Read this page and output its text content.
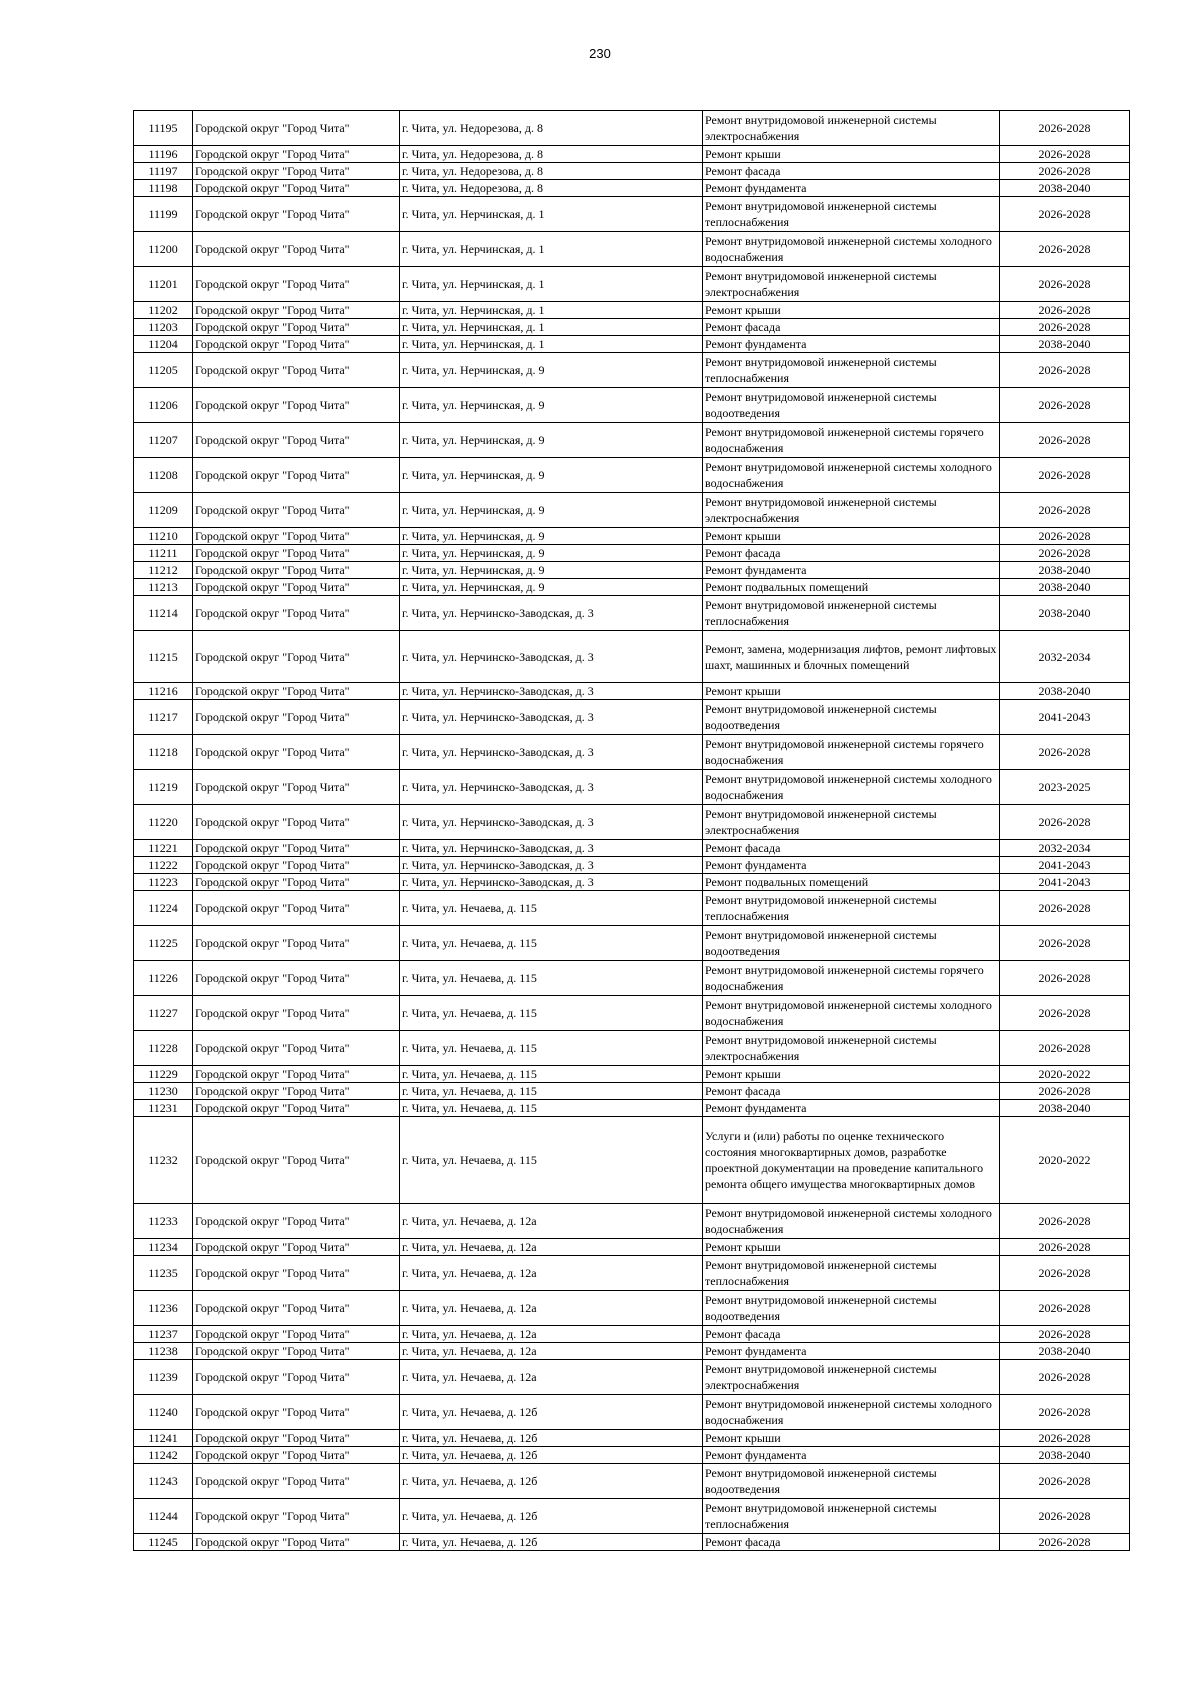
230
11195	Городской округ "Город Чита"	г. Чита, ул. Недорезова, д. 8	Ремонт внутридомовой инженерной системы электроснабжения	2026-2028
11196	Городской округ "Город Чита"	г. Чита, ул. Недорезова, д. 8	Ремонт крыши	2026-2028
11197	Городской округ "Город Чита"	г. Чита, ул. Недорезова, д. 8	Ремонт фасада	2026-2028
11198	Городской округ "Город Чита"	г. Чита, ул. Недорезова, д. 8	Ремонт фундамента	2038-2040
11199	Городской округ "Город Чита"	г. Чита, ул. Нерчинская, д. 1	Ремонт внутридомовой инженерной системы теплоснабжения	2026-2028
11200	Городской округ "Город Чита"	г. Чита, ул. Нерчинская, д. 1	Ремонт внутридомовой инженерной системы холодного водоснабжения	2026-2028
11201	Городской округ "Город Чита"	г. Чита, ул. Нерчинская, д. 1	Ремонт внутридомовой инженерной системы электроснабжения	2026-2028
11202	Городской округ "Город Чита"	г. Чита, ул. Нерчинская, д. 1	Ремонт крыши	2026-2028
11203	Городской округ "Город Чита"	г. Чита, ул. Нерчинская, д. 1	Ремонт фасада	2026-2028
11204	Городской округ "Город Чита"	г. Чита, ул. Нерчинская, д. 1	Ремонт фундамента	2038-2040
11205	Городской округ "Город Чита"	г. Чита, ул. Нерчинская, д. 9	Ремонт внутридомовой инженерной системы теплоснабжения	2026-2028
11206	Городской округ "Город Чита"	г. Чита, ул. Нерчинская, д. 9	Ремонт внутридомовой инженерной системы водоотведения	2026-2028
11207	Городской округ "Город Чита"	г. Чита, ул. Нерчинская, д. 9	Ремонт внутридомовой инженерной системы горячего водоснабжения	2026-2028
11208	Городской округ "Город Чита"	г. Чита, ул. Нерчинская, д. 9	Ремонт внутридомовой инженерной системы холодного водоснабжения	2026-2028
11209	Городской округ "Город Чита"	г. Чита, ул. Нерчинская, д. 9	Ремонт внутридомовой инженерной системы электроснабжения	2026-2028
11210	Городской округ "Город Чита"	г. Чита, ул. Нерчинская, д. 9	Ремонт крыши	2026-2028
11211	Городской округ "Город Чита"	г. Чита, ул. Нерчинская, д. 9	Ремонт фасада	2026-2028
11212	Городской округ "Город Чита"	г. Чита, ул. Нерчинская, д. 9	Ремонт фундамента	2038-2040
11213	Городской округ "Город Чита"	г. Чита, ул. Нерчинская, д. 9	Ремонт подвальных помещений	2038-2040
11214	Городской округ "Город Чита"	г. Чита, ул. Нерчинско-Заводская, д. 3	Ремонт внутридомовой инженерной системы теплоснабжения	2038-2040
11215	Городской округ "Город Чита"	г. Чита, ул. Нерчинско-Заводская, д. 3	Ремонт, замена, модернизация лифтов, ремонт лифтовых шахт, машинных и блочных помещений	2032-2034
11216	Городской округ "Город Чита"	г. Чита, ул. Нерчинско-Заводская, д. 3	Ремонт крыши	2038-2040
11217	Городской округ "Город Чита"	г. Чита, ул. Нерчинско-Заводская, д. 3	Ремонт внутридомовой инженерной системы водоотведения	2041-2043
11218	Городской округ "Город Чита"	г. Чита, ул. Нерчинско-Заводская, д. 3	Ремонт внутридомовой инженерной системы горячего водоснабжения	2026-2028
11219	Городской округ "Город Чита"	г. Чита, ул. Нерчинско-Заводская, д. 3	Ремонт внутридомовой инженерной системы холодного водоснабжения	2023-2025
11220	Городской округ "Город Чита"	г. Чита, ул. Нерчинско-Заводская, д. 3	Ремонт внутридомовой инженерной системы электроснабжения	2026-2028
11221	Городской округ "Город Чита"	г. Чита, ул. Нерчинско-Заводская, д. 3	Ремонт фасада	2032-2034
11222	Городской округ "Город Чита"	г. Чита, ул. Нерчинско-Заводская, д. 3	Ремонт фундамента	2041-2043
11223	Городской округ "Город Чита"	г. Чита, ул. Нерчинско-Заводская, д. 3	Ремонт подвальных помещений	2041-2043
11224	Городской округ "Город Чита"	г. Чита, ул. Нечаева, д. 115	Ремонт внутридомовой инженерной системы теплоснабжения	2026-2028
11225	Городской округ "Город Чита"	г. Чита, ул. Нечаева, д. 115	Ремонт внутридомовой инженерной системы водоотведения	2026-2028
11226	Городской округ "Город Чита"	г. Чита, ул. Нечаева, д. 115	Ремонт внутридомовой инженерной системы горячего водоснабжения	2026-2028
11227	Городской округ "Город Чита"	г. Чита, ул. Нечаева, д. 115	Ремонт внутридомовой инженерной системы холодного водоснабжения	2026-2028
11228	Городской округ "Город Чита"	г. Чита, ул. Нечаева, д. 115	Ремонт внутридомовой инженерной системы электроснабжения	2026-2028
11229	Городской округ "Город Чита"	г. Чита, ул. Нечаева, д. 115	Ремонт крыши	2020-2022
11230	Городской округ "Город Чита"	г. Чита, ул. Нечаева, д. 115	Ремонт фасада	2026-2028
11231	Городской округ "Город Чита"	г. Чита, ул. Нечаева, д. 115	Ремонт фундамента	2038-2040
11232	Городской округ "Город Чита"	г. Чита, ул. Нечаева, д. 115	Услуги и (или) работы по оценке технического состояния многоквартирных домов, разработке проектной документации на проведение капитального ремонта общего имущества многоквартирных домов	2020-2022
11233	Городской округ "Город Чита"	г. Чита, ул. Нечаева, д. 12а	Ремонт внутридомовой инженерной системы холодного водоснабжения	2026-2028
11234	Городской округ "Город Чита"	г. Чита, ул. Нечаева, д. 12а	Ремонт крыши	2026-2028
11235	Городской округ "Город Чита"	г. Чита, ул. Нечаева, д. 12а	Ремонт внутридомовой инженерной системы теплоснабжения	2026-2028
11236	Городской округ "Город Чита"	г. Чита, ул. Нечаева, д. 12а	Ремонт внутридомовой инженерной системы водоотведения	2026-2028
11237	Городской округ "Город Чита"	г. Чита, ул. Нечаева, д. 12а	Ремонт фасада	2026-2028
11238	Городской округ "Город Чита"	г. Чита, ул. Нечаева, д. 12а	Ремонт фундамента	2038-2040
11239	Городской округ "Город Чита"	г. Чита, ул. Нечаева, д. 12а	Ремонт внутридомовой инженерной системы электроснабжения	2026-2028
11240	Городской округ "Город Чита"	г. Чита, ул. Нечаева, д. 12б	Ремонт внутридомовой инженерной системы холодного водоснабжения	2026-2028
11241	Городской округ "Город Чита"	г. Чита, ул. Нечаева, д. 12б	Ремонт крыши	2026-2028
11242	Городской округ "Город Чита"	г. Чита, ул. Нечаева, д. 12б	Ремонт фундамента	2038-2040
11243	Городской округ "Город Чита"	г. Чита, ул. Нечаева, д. 12б	Ремонт внутридомовой инженерной системы водоотведения	2026-2028
11244	Городской округ "Город Чита"	г. Чита, ул. Нечаева, д. 12б	Ремонт внутридомовой инженерной системы теплоснабжения	2026-2028
11245	Городской округ "Город Чита"	г. Чита, ул. Нечаева, д. 12б	Ремонт фасада	2026-2028
